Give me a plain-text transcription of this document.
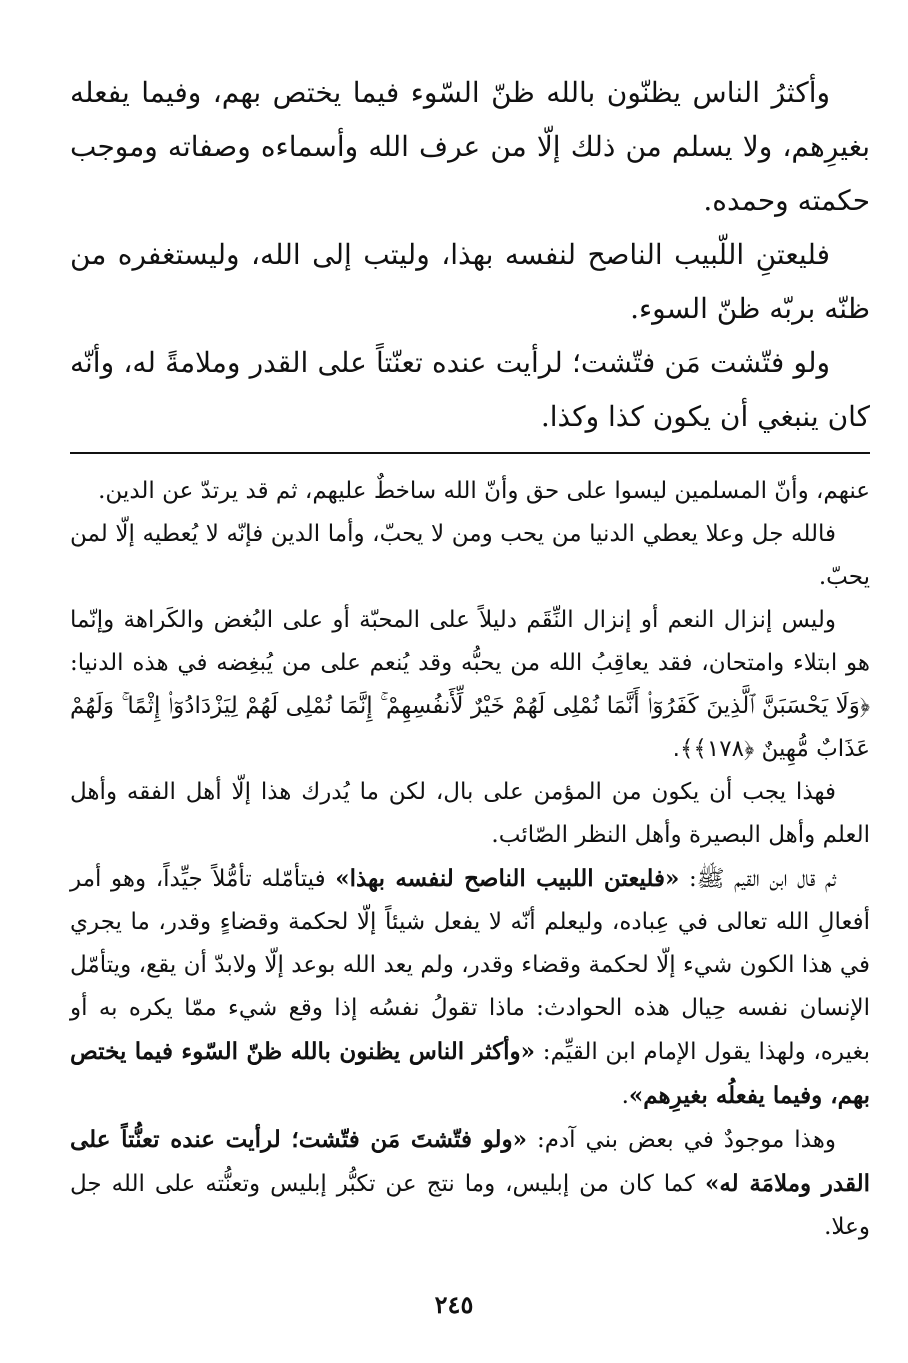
وأكثرُ الناس يظنّون بالله ظنّ السّوء فيما يختص بهم، وفيما يفعله بغيرِهم، ولا يسلم من ذلك إلّا من عرف الله وأسماءه وصفاته وموجب حكمته وحمده.

فليعتنِ اللّبيب الناصح لنفسه بهذا، وليتب إلى الله، وليستغفره من ظنّه بربّه ظنّ السوء.

ولو فتّشت مَن فتّشت؛ لرأيت عنده تعنّتاً على القدر وملامةً له، وأنّه كان ينبغي أن يكون كذا وكذا.

عنهم، وأنّ المسلمين ليسوا على حق وأنّ الله ساخطٌ عليهم، ثم قد يرتدّ عن الدين.

فالله جل وعلا يعطي الدنيا من يحب ومن لا يحبّ، وأما الدين فإنّه لا يُعطيه إلّا لمن يحبّ.

وليس إنزال النعم أو إنزال النِّقَم دليلاً على المحبّة أو على البُغض والكَراهة وإنّما هو ابتلاء وامتحان، فقد يعاقِبُ الله من يحبُّه وقد يُنعم على من يُبغِضه في هذه الدنيا: ﴿وَلَا يَحْسَبَنَّ ٱلَّذِينَ كَفَرُوٓا۟ أَنَّمَا نُمْلِى لَهُمْ خَيْرٌ لِّأَنفُسِهِمْ ۚ إِنَّمَا نُمْلِى لَهُمْ لِيَزْدَادُوٓا۟ إِثْمًا ۚ وَلَهُمْ عَذَابٌ مُّهِينٌ ﴿١٧٨﴾﴾.

فهذا يجب أن يكون من المؤمن على بال، لكن ما يُدرك هذا إلّا أهل الفقه وأهل العلم وأهل البصيرة وأهل النظر الصّائب.

ثم قال ابن القيم ﷺ: «فليعتن اللبيب الناصح لنفسه بهذا» فيتأمّله تأمُّلاً جيِّداً، وهو أمر أفعالِ الله تعالى في عِباده، وليعلم أنّه لا يفعل شيئاً إلّا لحكمة وقضاءٍ وقدر، ما يجري في هذا الكون شيء إلّا لحكمة وقضاء وقدر، ولم يعد الله بوعد إلّا ولابدّ أن يقع، ويتأمّل الإنسان نفسه حِيال هذه الحوادث: ماذا تقولُ نفسُه إذا وقع شيء ممّا يكره به أو بغيره، ولهذا يقول الإمام ابن القيِّم: «وأكثر الناس يظنون بالله ظنّ السّوء فيما يختص بهم، وفيما يفعلُه بغيرِهم».

وهذا موجودٌ في بعض بني آدم: «ولو فتّشتَ مَن فتّشت؛ لرأيت عنده تعنُّتاً على القدر وملامَة له» كما كان من إبليس، وما نتج عن تكبُّر إبليس وتعنُّته على الله جل وعلا.

٢٤٥
